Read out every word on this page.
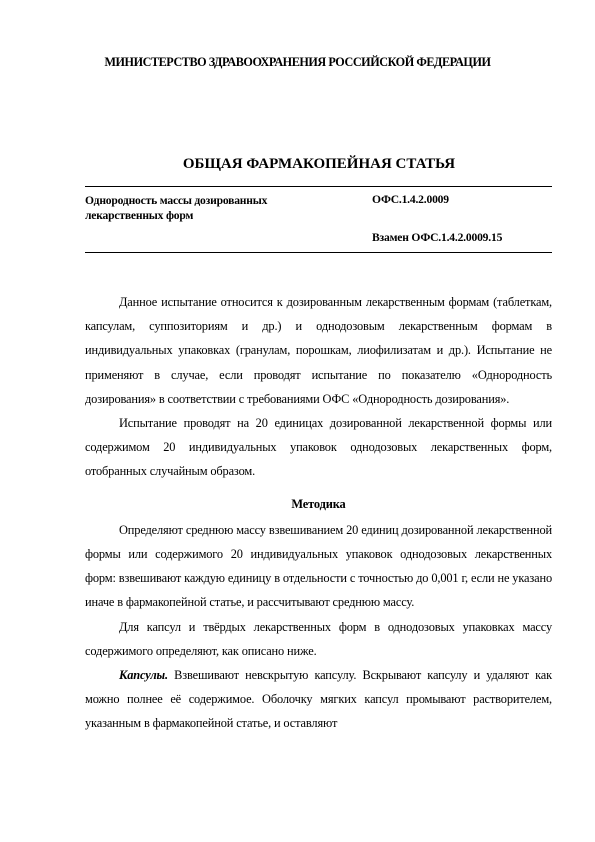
МИНИСТЕРСТВО ЗДРАВООХРАНЕНИЯ РОССИЙСКОЙ ФЕДЕРАЦИИ
ОБЩАЯ ФАРМАКОПЕЙНАЯ СТАТЬЯ
Однородность массы дозированных лекарственных форм
ОФС.1.4.2.0009
Взамен ОФС.1.4.2.0009.15

Данное испытание относится к дозированным лекарственным формам (таблеткам, капсулам, суппозиториям и др.) и однодозовым лекарственным формам в индивидуальных упаковках (гранулам, порошкам, лиофилизатам и др.). Испытание не применяют в случае, если проводят испытание по показателю «Однородность дозирования» в соответствии с требованиями ОФС «Однородность дозирования».

Испытание проводят на 20 единицах дозированной лекарственной формы или содержимом 20 индивидуальных упаковок однодозовых лекарственных форм, отобранных случайным образом.

Методика

Определяют среднюю массу взвешиванием 20 единиц дозированной лекарственной формы или содержимого 20 индивидуальных упаковок однодозовых лекарственных форм: взвешивают каждую единицу в отдельности с точностью до 0,001 г, если не указано иначе в фармакопейной статье, и рассчитывают среднюю массу.

Для капсул и твёрдых лекарственных форм в однодозовых упаковках массу содержимого определяют, как описано ниже.

Капсулы. Взвешивают невскрытую капсулу. Вскрывают капсулу и удаляют как можно полнее её содержимое. Оболочку мягких капсул промывают растворителем, указанным в фармакопейной статье, и оставляют
